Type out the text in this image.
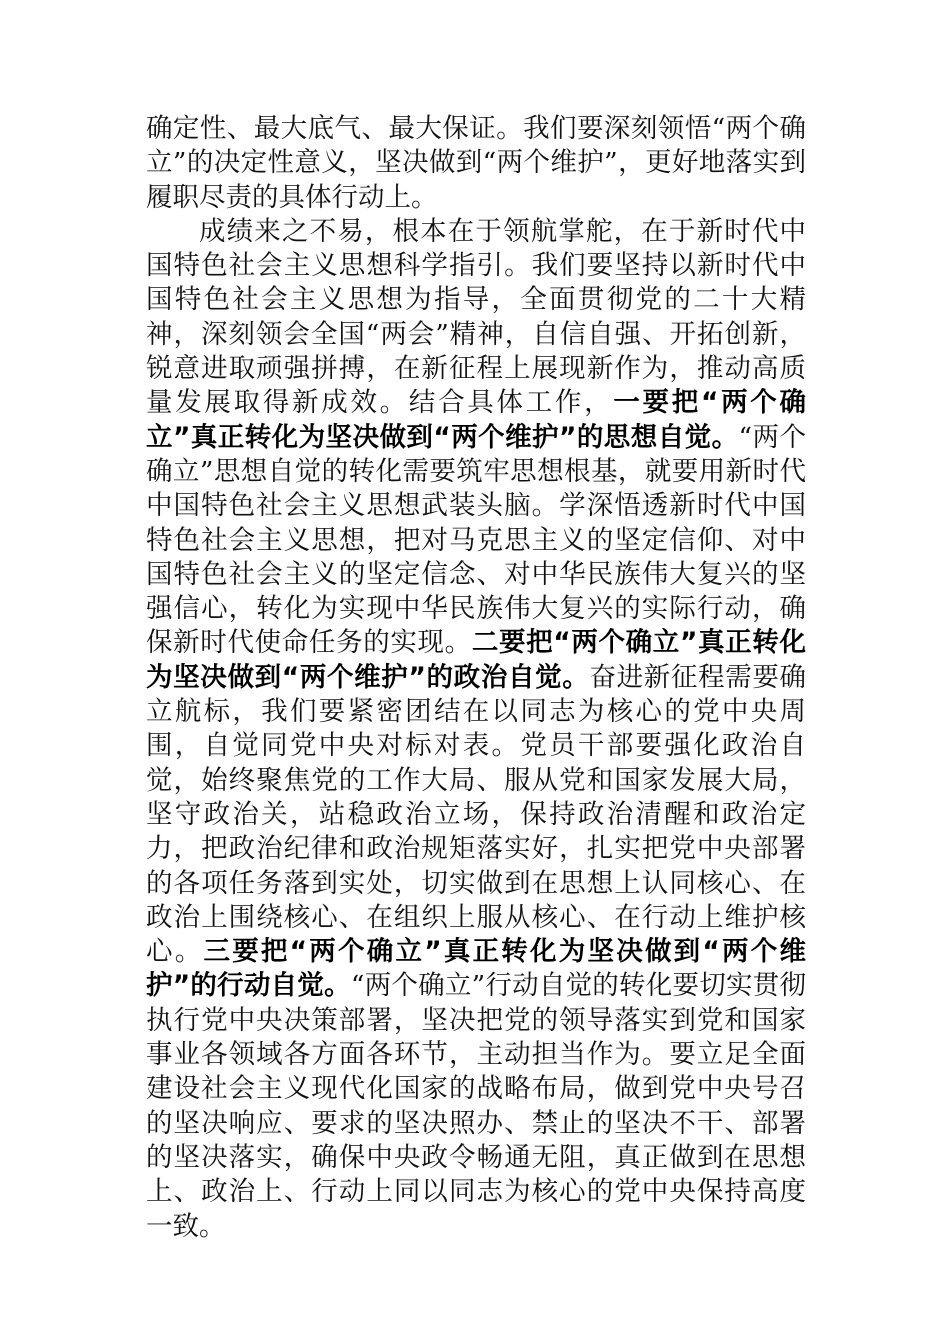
确定性、最大底气、最大保证。我们要深刻领悟“两个确立”的决定性意义，坚决做到“两个维护”，更好地落实到履职尽责的具体行动上。

成绩来之不易，根本在于领航掌舵，在于新时代中国特色社会主义思想科学指引。我们要坚持以新时代中国特色社会主义思想为指导，全面贯彻党的二十大精神，深刻领会全国“两会”精神，自信自强、开拓创新，锐意进取顽强拼搏，在新征程上展现新作为，推动高质量发展取得新成效。结合具体工作，一要把“两个确立”真正转化为坚决做到“两个维护”的思想自觉。“两个确立”思想自觉的转化需要筑牢思想根基，就要用新时代中国特色社会主义思想武装头脑。学深悟透新时代中国特色社会主义思想，把对马克思主义的坚定信仰、对中国特色社会主义的坚定信念、对中华民族伟大复兴的坚强信心，转化为实现中华民族伟大复兴的实际行动，确保新时代使命任务的实现。二要把“两个确立”真正转化为坚决做到“两个维护”的政治自觉。奋进新征程需要确立航标，我们要紧密团结在以同志为核心的党中央周围，自觉同党中央对标对表。党员干部要强化政治自觉，始终聚焦党的工作大局、服从党和国家发展大局，坚守政治关，站稳政治立场，保持政治清醒和政治定力，把政治纪律和政治规矩落实好，扎实把党中央部署的各项任务落到实处，切实做到在思想上认同核心、在政治上围绕核心、在组织上服从核心、在行动上维护核心。三要把“两个确立”真正转化为坚决做到“两个维护”的行动自觉。“两个确立”行动自觉的转化要切实贯彻执行党中央决策部署，坚决把党的领导落实到党和国家事业各领域各方面各环节，主动担当作为。要立足全面建设社会主义现代化国家的战略布局，做到党中央号召的坚决响应、要求的坚决照办、禁止的坚决不干、部署的坚决落实，确保中央政令畅通无阻，真正做到在思想上、政治上、行动上同以同志为核心的党中央保持高度一致。
